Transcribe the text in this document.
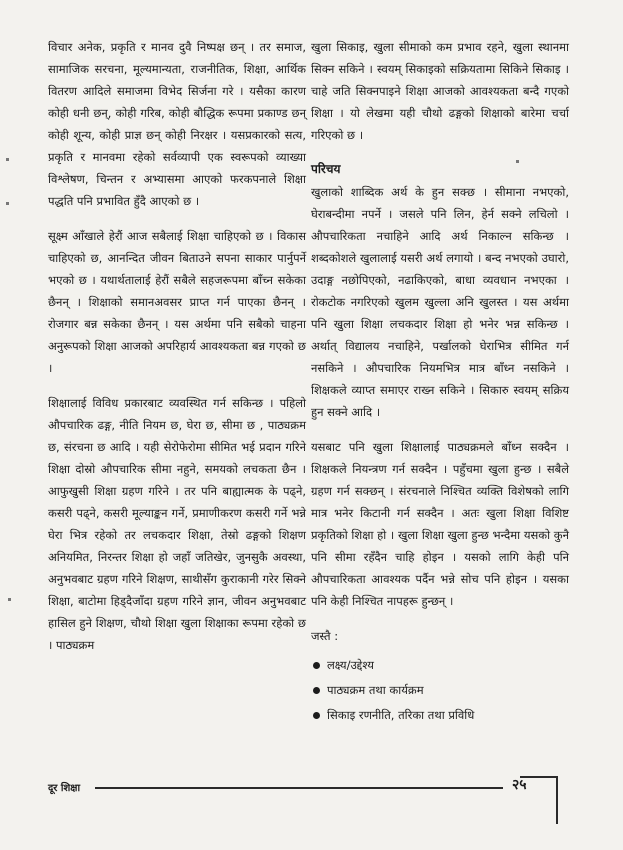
विचार अनेक, प्रकृति र मानव दुवै निष्पक्ष छन् । तर समाज, सामाजिक सरचना, मूल्यमान्यता, राजनीतिक, शिक्षा, आर्थिक वितरण आदिले समाजमा विभेद सिर्जना गरे । यसैका कारण कोही धनी छन्, कोही गरिब, कोही बौद्धिक रूपमा प्रकाण्ड छन् कोही शून्य, कोही प्राज्ञ छन् कोही निरक्षर । यसप्रकारको सत्य, प्रकृति र मानवमा रहेको सर्वव्यापी एक स्वरूपको व्याख्या विश्लेषण, चिन्तन र अभ्यासमा आएको फरकपनाले शिक्षा पद्धति पनि प्रभावित हुँदै आएको छ ।

सूक्ष्म आँखाले हेरौं आज सबैलाई शिक्षा चाहिएको छ । विकास चाहिएको छ, आनन्दित जीवन बिताउने सपना साकार पार्नुपर्ने भएको छ । यथार्थतालाई हेरौं सबैले सहजरूपमा बाँच्न सकेका छैनन् । शिक्षाको समानअवसर प्राप्त गर्न पाएका छैनन् । रोजगार बन्न सकेका छैनन् । यस अर्थमा पनि सबैको चाहना अनुरूपको शिक्षा आजको अपरिहार्य आवश्यकता बन्न गएको छ ।

शिक्षालाई विविध प्रकारबाट व्यवस्थित गर्न सकिन्छ । पहिलो औपचारिक ढङ्ग, नीति नियम छ, घेरा छ, सीमा छ , पाठ्यक्रम छ, संरचना छ आदि । यही सेरोफेरोमा सीमित भई प्रदान गरिने शिक्षा दोस्रो औपचारिक सीमा नहुने, समयको लचकता छैन । आफुखुसी शिक्षा ग्रहण गरिने । तर पनि बाह्यात्मक के पढ्ने, कसरी पढ्ने, कसरी मूल्याङ्कन गर्ने, प्रमाणीकरण कसरी गर्ने भन्ने घेरा भित्र रहेको तर लचकदार शिक्षा, तेस्रो ढङ्गको शिक्षण अनियमित, निरन्तर शिक्षा हो जहाँ जतिखेर, जुनसुकै अवस्था, अनुभवबाट ग्रहण गरिने शिक्षण, साथीसँग कुराकानी गरेर सिक्ने शिक्षा, बाटोमा हिड्दैजाँदा ग्रहण गरिने ज्ञान, जीवन अनुभवबाट हासिल हुने शिक्षण, चौथो शिक्षा खुला शिक्षाका रूपमा रहेको छ । पाठ्यक्रम

खुला सिकाइ, खुला सीमाको कम प्रभाव रहने, खुला स्थानमा सिक्न सकिने । स्वयम् सिकाइको सक्रियतामा सिकिने सिकाइ । चाहे जति सिक्नपाइने शिक्षा आजको आवश्यकता बन्दै गएको शिक्षा । यो लेखमा यही चौथो ढङ्गको शिक्षाको बारेमा चर्चा गरिएको छ ।

परिचय

खुलाको शाब्दिक अर्थ के हुन सक्छ । सीमाना नभएको, घेराबन्दीमा नपर्ने । जसले पनि लिन, हेर्न सक्ने लचिलो । औपचारिकता नचाहिने आदि अर्थ निकाल्न सकिन्छ । शब्दकोशले खुलालाई यसरी अर्थ लगायो । बन्द नभएको उघारो, उदाङ्ग नछोपिएको, नढाकिएको, बाधा व्यवधान नभएका । रोकटोक नगरिएको खुलम खुल्ला अनि खुलस्त । यस अर्थमा पनि खुला शिक्षा लचकदार शिक्षा हो भनेर भन्न सकिन्छ । अर्थात् विद्यालय नचाहिने, पर्खालको घेराभित्र सीमित गर्न नसकिने । औपचारिक नियमभित्र मात्र बाँध्न नसकिने । शिक्षकले व्याप्त समाएर राख्न सकिने । सिकारु स्वयम् सक्रिय हुन सक्ने आदि ।

यसबाट पनि खुला शिक्षालाई पाठ्यक्रमले बाँध्न सक्दैन । शिक्षकले नियन्त्रण गर्न सक्दैन । पहुँचमा खुला हुन्छ । सबैले ग्रहण गर्न सक्छन् । संरचनाले निश्चित व्यक्ति विशेषको लागि मात्र भनेर किटानी गर्न सक्दैन । अतः खुला शिक्षा विशिष्ट प्रकृतिको शिक्षा हो । खुला शिक्षा खुला हुन्छ भन्दैमा यसको कुनै पनि सीमा रहँदैन चाहि होइन । यसको लागि केही पनि औपचारिकता आवश्यक पर्दैन भन्ने सोच पनि होइन । यसका पनि केही निश्चित नापहरू हुन्छन् ।

जस्तै :
लक्ष्य/उद्देश्य
पाठ्यक्रम तथा कार्यक्रम
सिकाइ रणनीति, तरिका तथा प्रविधि
दूर शिक्षा	२५
